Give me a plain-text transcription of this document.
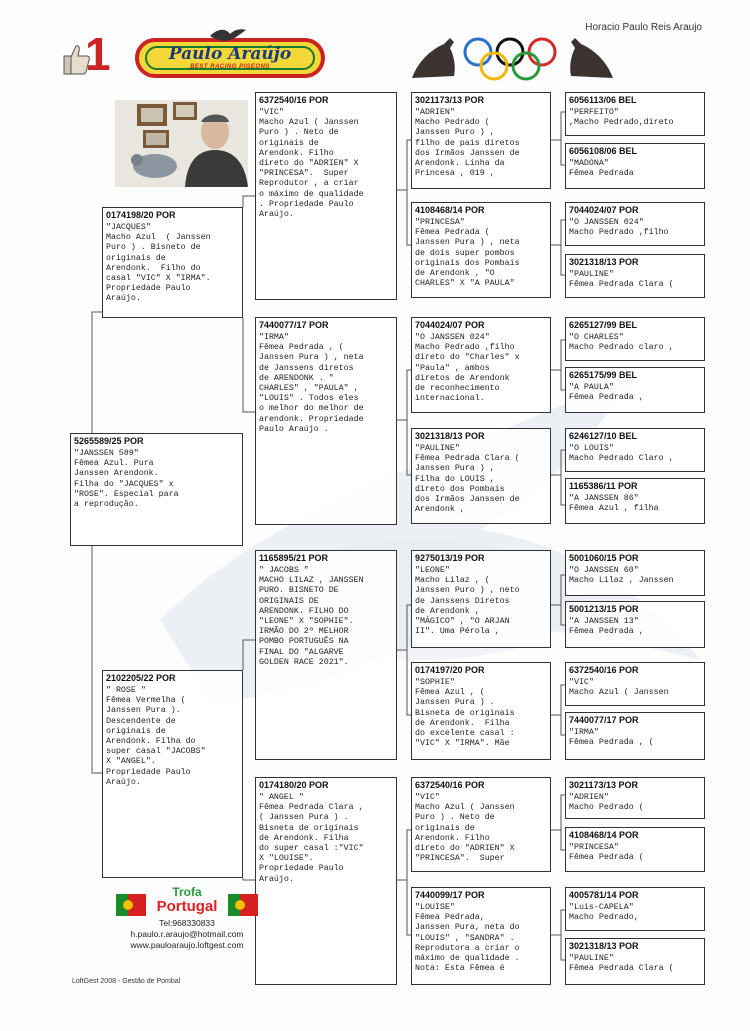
Horacio Paulo Reis Araujo
1	Paulo Araújo
BEST RACING PIGEONS
5265589/25 POR
"JANSSEN 589"
Fêmea Azul. Pura
Janssen Arendonk.
Filha do "JACQUES" x
"ROSE". Especial para
a reprodução.
0174198/20 POR
"JACQUES"
Macho Azul  ( Janssen
Puro ) . Bisneto de
originais de
Arendonk.  Filho do
casal "VIC" X "IRMA".
Propriedade Paulo
Araújo.
2102205/22 POR
" ROSE "
Fêmea Vermelha (
Janssen Pura ).
Descendente de
originais de
Arendonk. Filha do
super casal "JACOBS"
X "ANGEL".
Propriedade Paulo
Araújo.
6372540/16 POR
"VIC"
Macho Azul ( Janssen
Puro ) . Neto de
originais de
Arendonk. Filho
direto do "ADRIEN" X
"PRINCESA".  Super
Reprodutor , a criar
o máximo de qualidade
. Propriedade Paulo
Araújo.
7440077/17 POR
"IRMA"
Fêmea Pedrada , (
Janssen Pura ) , neta
de Janssens diretos
de ARENDONK . "
CHARLES" , "PAULA" ,
"LOUIS" . Todos eles
o melhor do melhor de
arendonk. Propriedade
Paulo Araújo .
1165895/21 POR
" JACOBS "
MACHO LILAZ , JANSSEN
PURO. BISNETO DE
ORIGINAIS DE
ARENDONK. FILHO DO
"LEONE" X "SOPHIE".
IRMÃO DO 2º MELHOR
POMBO PORTUGUÊS NA
FINAL DO "ALGARVE
GOLDEN RACE 2021".
0174180/20 POR
" ANGEL "
Fêmea Pedrada Clara ,
( Janssen Pura ) .
Bisneta de originais
de Arendonk. Filha
do super casal :"VIC"
X "LOUISE".
Propriedade Paulo
Araújo.
3021173/13 POR
"ADRIEN"
Macho Pedrado (
Janssen Puro ) ,
filho de pais diretos
dos Irmãos Janssen de
Arendonk. Linha da
Princesa , 019 ,
4108468/14 POR
"PRINCESA"
Fêmea Pedrada (
Janssen Pura ) , neta
de dois super pombos
originais dos Pombais
de Arendonk , "O
CHARLES" X "A PAULA"
7044024/07 POR
"O JANSSEN 024"
Macho Pedrado ,filho
direto do "Charles" x
"Paula" , ambos
diretos de Arendonk
de reconhecimento
internacional.
3021318/13 POR
"PAULINE"
Fêmea Pedrada Clara (
Janssen Pura ) ,
Filha do LOUIS ,
direto dos Pombais
dos Irmãos Janssen de
Arendonk ,
9275013/19 POR
"LEONE"
Macho Lilaz , (
Janssen Puro ) , neto
de Janssens Diretos
de Arendonk ,
"MÁGICO" , "O ARJAN
II". Uma Pérola ,
0174197/20 POR
"SOPHIE"
Fêmea Azul , (
Janssen Pura ) .
Bisneta de originais
de Arendonk.  Filha
do excelente casal :
"VIC" X "IRMA". Mãe
6372540/16 POR
"VIC"
Macho Azul ( Janssen
Puro ) . Neto de
originais de
Arendonk. Filho
direto do "ADRIEN" X
"PRINCESA".  Super
7440099/17 POR
"LOUISE"
Fêmea Pedrada,
Janssen Pura, neta do
"LOUIS" , "SANDRA" .
Reprodutora a criar o
máximo de qualidade .
Nota: Esta Fêmea é
6056113/06 BEL
"PERFEITO"
,Macho Pedrado,direto
6056108/06 BEL
"MADONA"
Fêmea Pedrada
7044024/07 POR
"O JANSSEN 024"
Macho Pedrado ,filho
3021318/13 POR
"PAULINE"
Fêmea Pedrada Clara (
6265127/99 BEL
"O CHARLES"
Macho Pedrado claro ,
6265175/99 BEL
"A PAULA"
Fêmea Pedrada ,
6246127/10 BEL
"O LOUIS"
Macho Pedrado Claro ,
1165386/11 POR
"A JANSSEN 86"
Fêmea Azul , filha
5001060/15 POR
"O JANSSEN 60"
Macho Lilaz , Janssen
5001213/15 POR
"A JANSSEN 13"
Fêmea Pedrada ,
6372540/16 POR
"VIC"
Macho Azul ( Janssen
7440077/17 POR
"IRMA"
Fêmea Pedrada , (
3021173/13 POR
"ADRIEN"
Macho Pedrado (
4108468/14 POR
"PRINCESA"
Fêmea Pedrada (
4005781/14 POR
"Luis-CAPELA"
Macho Pedrado,
3021318/13 POR
"PAULINE"
Fêmea Pedrada Clara (
Trofa
Portugal
Tel:968330833
h.paulo.r.araujo@hotmail.com
www.pauloaraujo.loftgest.com
LoftGest 2008 - Gestão de Pombal
